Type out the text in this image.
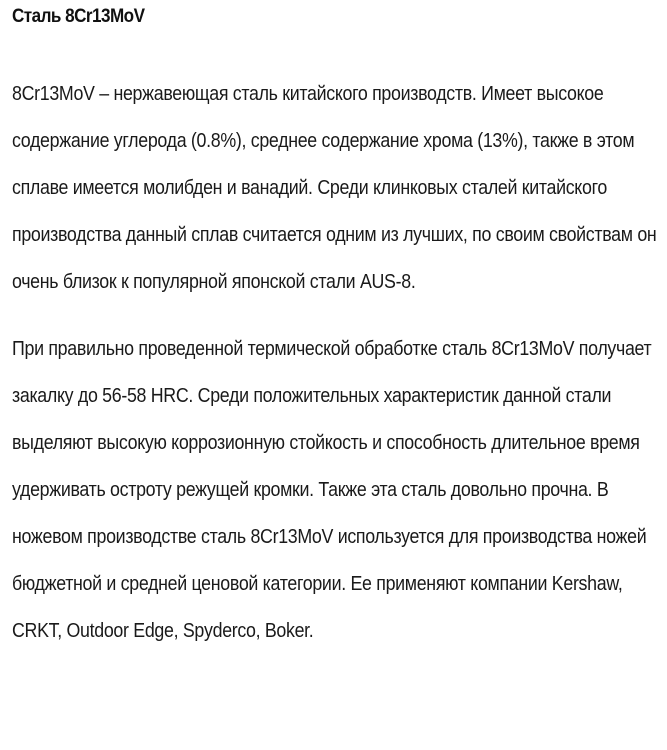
Сталь 8Cr13MoV

8Cr13MoV – нержавеющая сталь китайского производств. Имеет высокое содержание углерода (0.8%), среднее содержание хрома (13%), также в этом сплаве имеется молибден и ванадий. Среди клинковых сталей китайского производства данный сплав считается одним из лучших, по своим свойствам он очень близок к популярной японской стали AUS-8.

При правильно проведенной термической обработке сталь 8Cr13MoV получает закалку до 56-58 HRC. Среди положительных характеристик данной стали выделяют высокую коррозионную стойкость и способность длительное время удерживать остроту режущей кромки. Также эта сталь довольно прочна. В ножевом производстве сталь 8Cr13MoV используется для производства ножей бюджетной и средней ценовой категории. Ее применяют компании Kershaw, CRKT, Outdoor Edge, Spyderco, Boker.
